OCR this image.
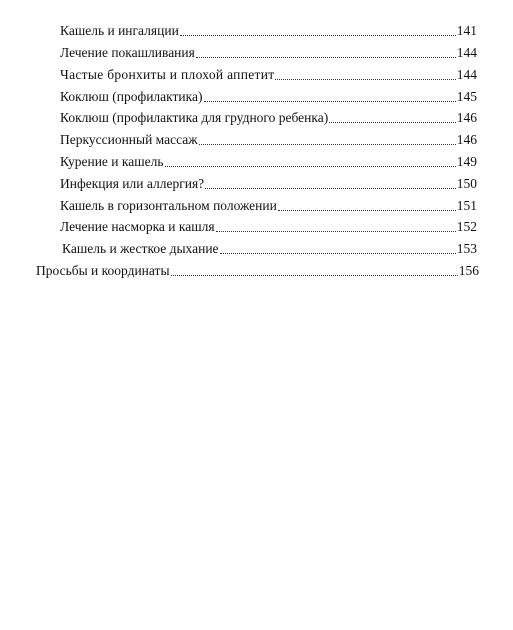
Кашель и ингаляции	141
Лечение покашливания	144
Частые бронхиты и плохой аппетит	144
Коклюш (профилактика)	145
Коклюш (профилактика для грудного ребенка)	146
Перкуссионный массаж	146
Курение и кашель	149
Инфекция или аллергия?	150
Кашель в горизонтальном положении	151
Лечение насморка и кашля	152
Кашель и жесткое дыхание	153
Просьбы и координаты	156
